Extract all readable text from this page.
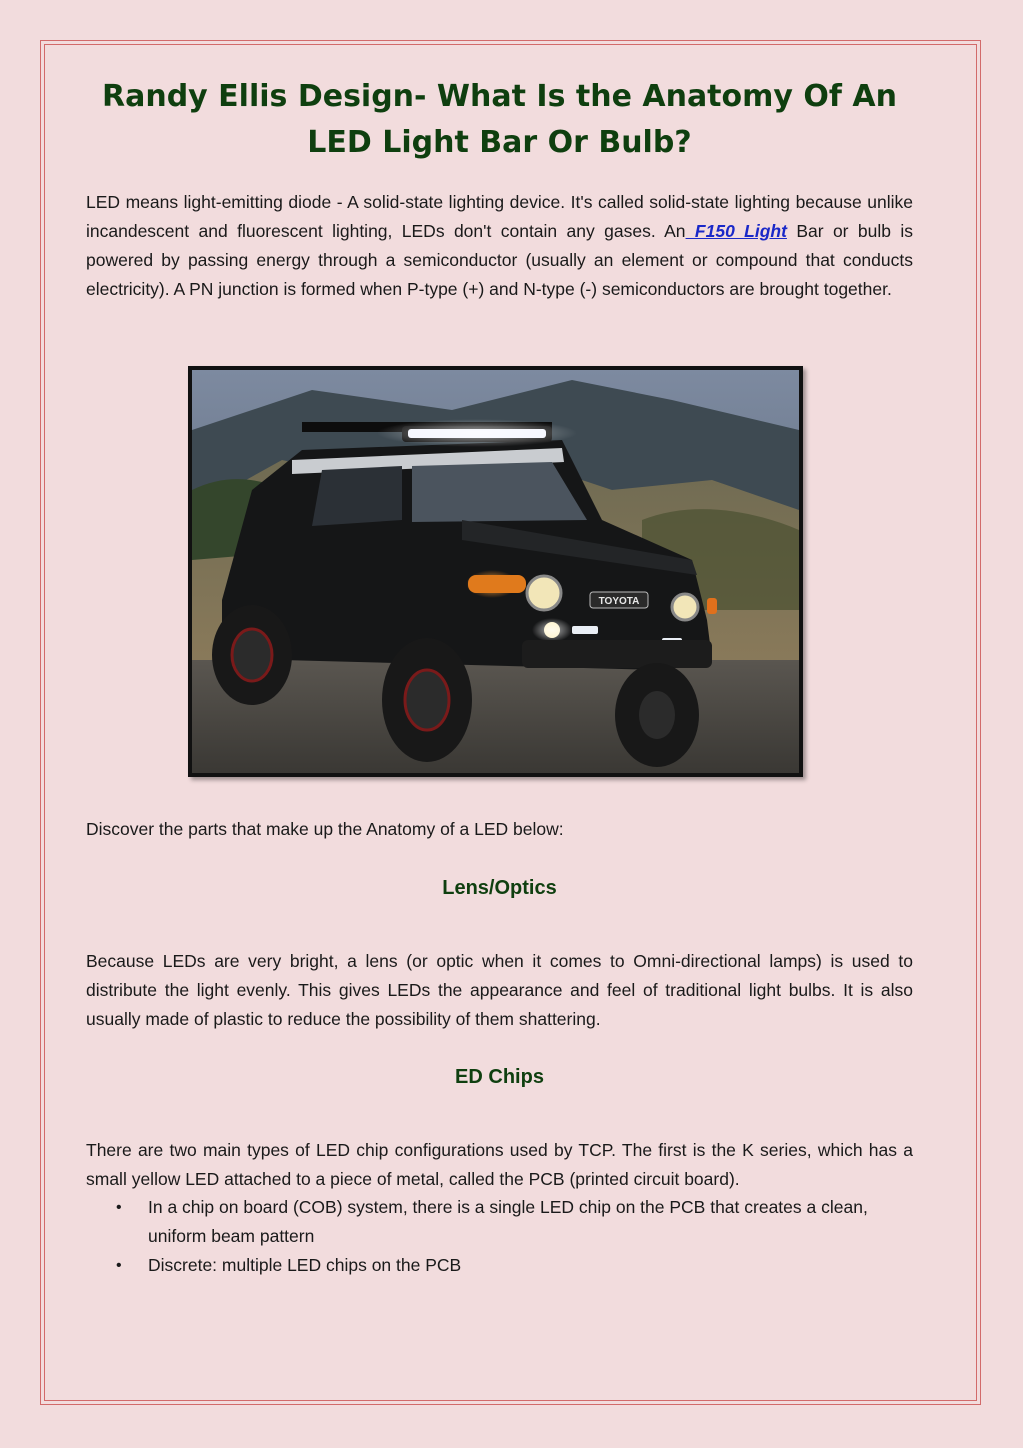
Randy Ellis Design- What Is the Anatomy Of An LED Light Bar Or Bulb?

LED means light-emitting diode - A solid-state lighting device. It's called solid-state lighting because unlike incandescent and fluorescent lighting, LEDs don't contain any gases. An F150 Light Bar or bulb is powered by passing energy through a semiconductor (usually an element or compound that conducts electricity). A PN junction is formed when P-type (+) and N-type (-) semiconductors are brought together.

TOYOTA

Discover the parts that make up the Anatomy of a LED below:

Lens/Optics

Because LEDs are very bright, a lens (or optic when it comes to Omni-directional lamps) is used to distribute the light evenly. This gives LEDs the appearance and feel of traditional light bulbs. It is also usually made of plastic to reduce the possibility of them shattering.

ED Chips

There are two main types of LED chip configurations used by TCP. The first is the K series, which has a small yellow LED attached to a piece of metal, called the PCB (printed circuit board).

• In a chip on board (COB) system, there is a single LED chip on the PCB that creates a clean, uniform beam pattern
• Discrete: multiple LED chips on the PCB
